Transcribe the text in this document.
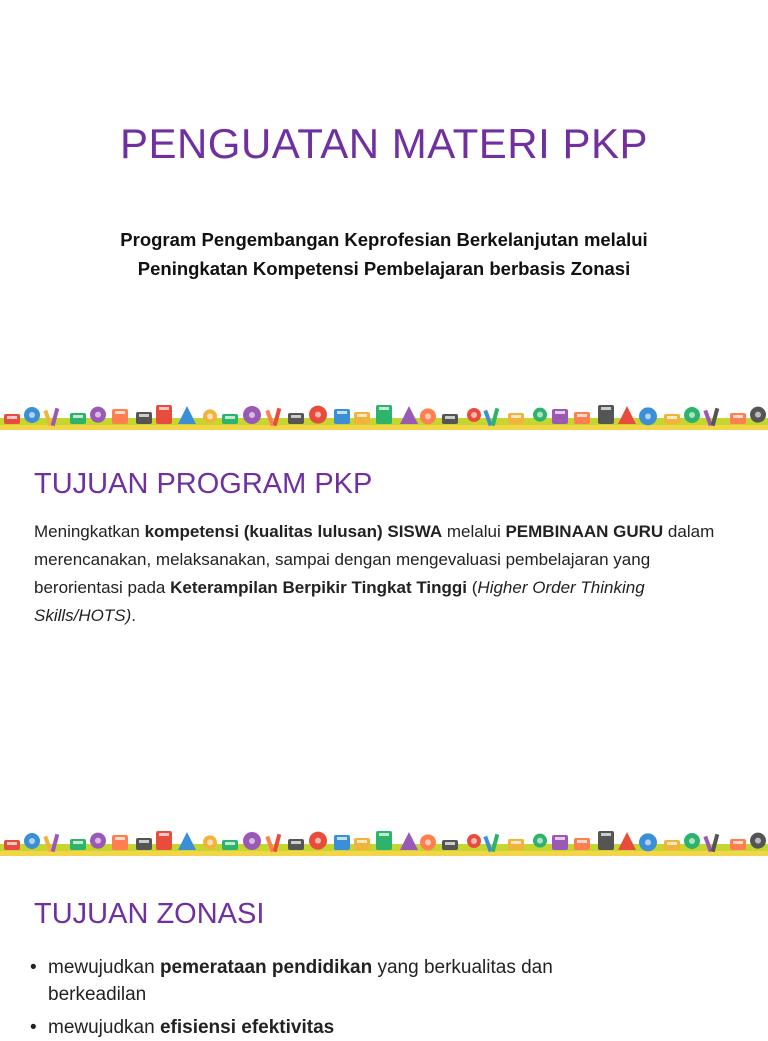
PENGUATAN MATERI PKP
Program Pengembangan Keprofesian Berkelanjutan melalui
Peningkatan Kompetensi Pembelajaran berbasis Zonasi
TUJUAN PROGRAM PKP
Meningkatkan kompetensi (kualitas lulusan) SISWA melalui PEMBINAAN GURU dalam merencanakan, melaksanakan, sampai dengan mengevaluasi pembelajaran yang berorientasi pada Keterampilan Berpikir Tingkat Tinggi (Higher Order Thinking Skills/HOTS).
TUJUAN ZONASI
• mewujudkan pemerataan pendidikan yang berkualitas dan
berkeadilan
• mewujudkan efisiensi efektivitas
